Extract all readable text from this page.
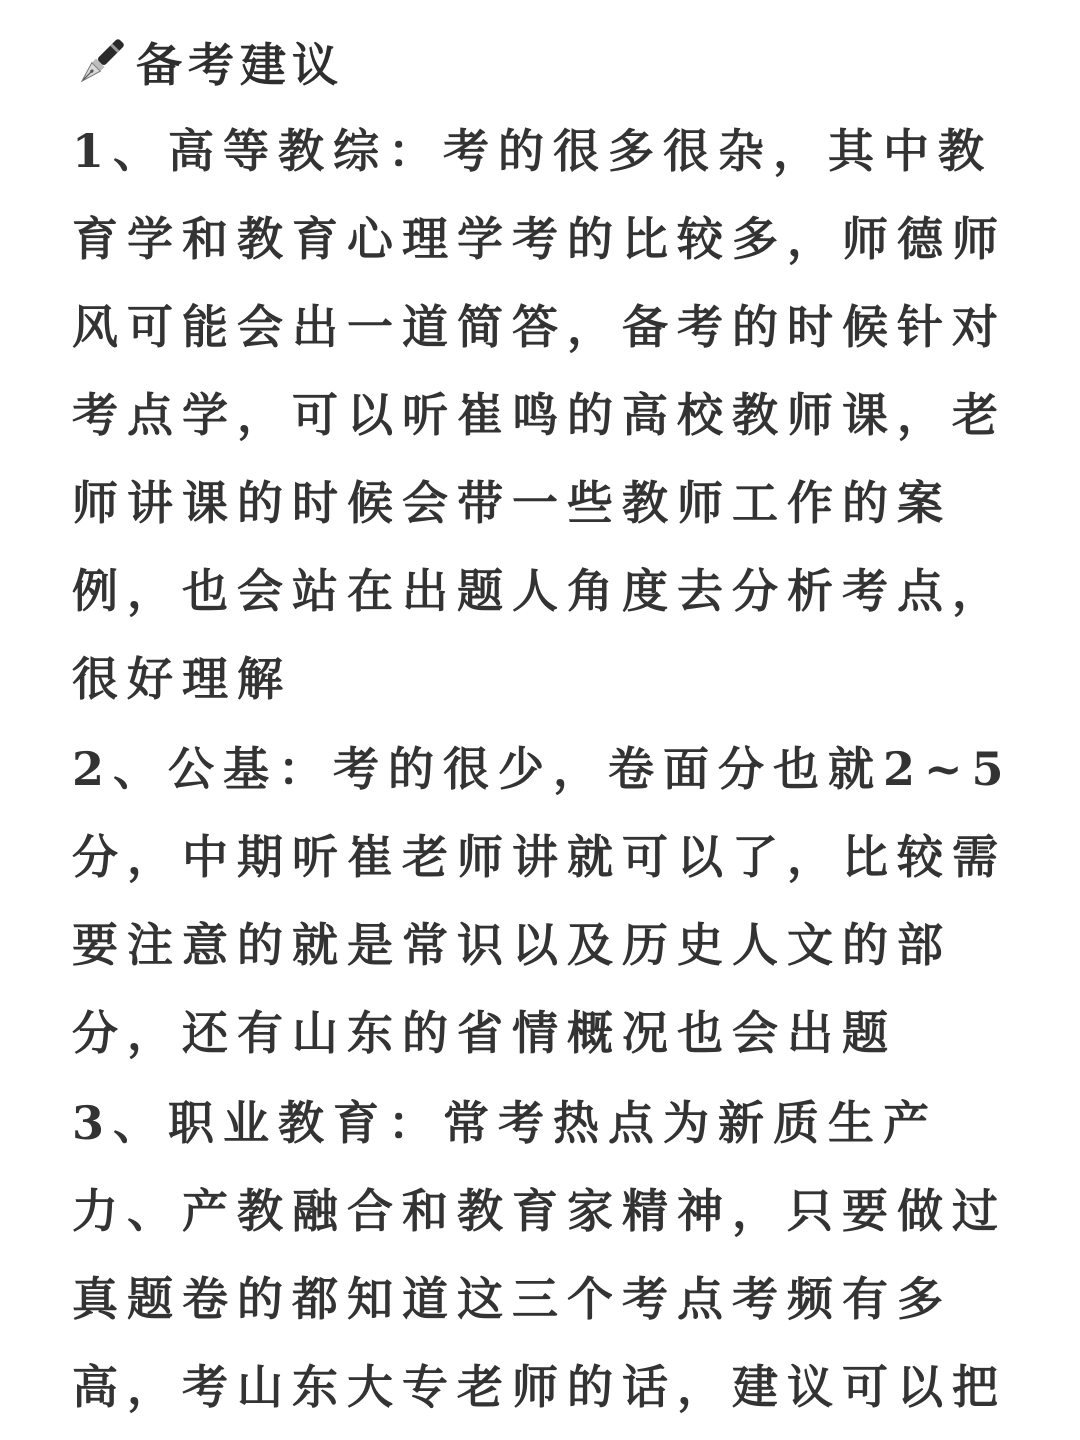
备考建议
1、高等教综：考的很多很杂，其中教
育学和教育心理学考的比较多，师德师
风可能会出一道简答，备考的时候针对
考点学，可以听崔鸣的高校教师课，老
师讲课的时候会带一些教师工作的案
例，也会站在出题人角度去分析考点，
很好理解
2、公基：考的很少，卷面分也就2~5
分，中期听崔老师讲就可以了，比较需
要注意的就是常识以及历史人文的部
分，还有山东的省情概况也会出题
3、职业教育：常考热点为新质生产
力、产教融合和教育家精神，只要做过
真题卷的都知道这三个考点考频有多
高，考山东大专老师的话，建议可以把
